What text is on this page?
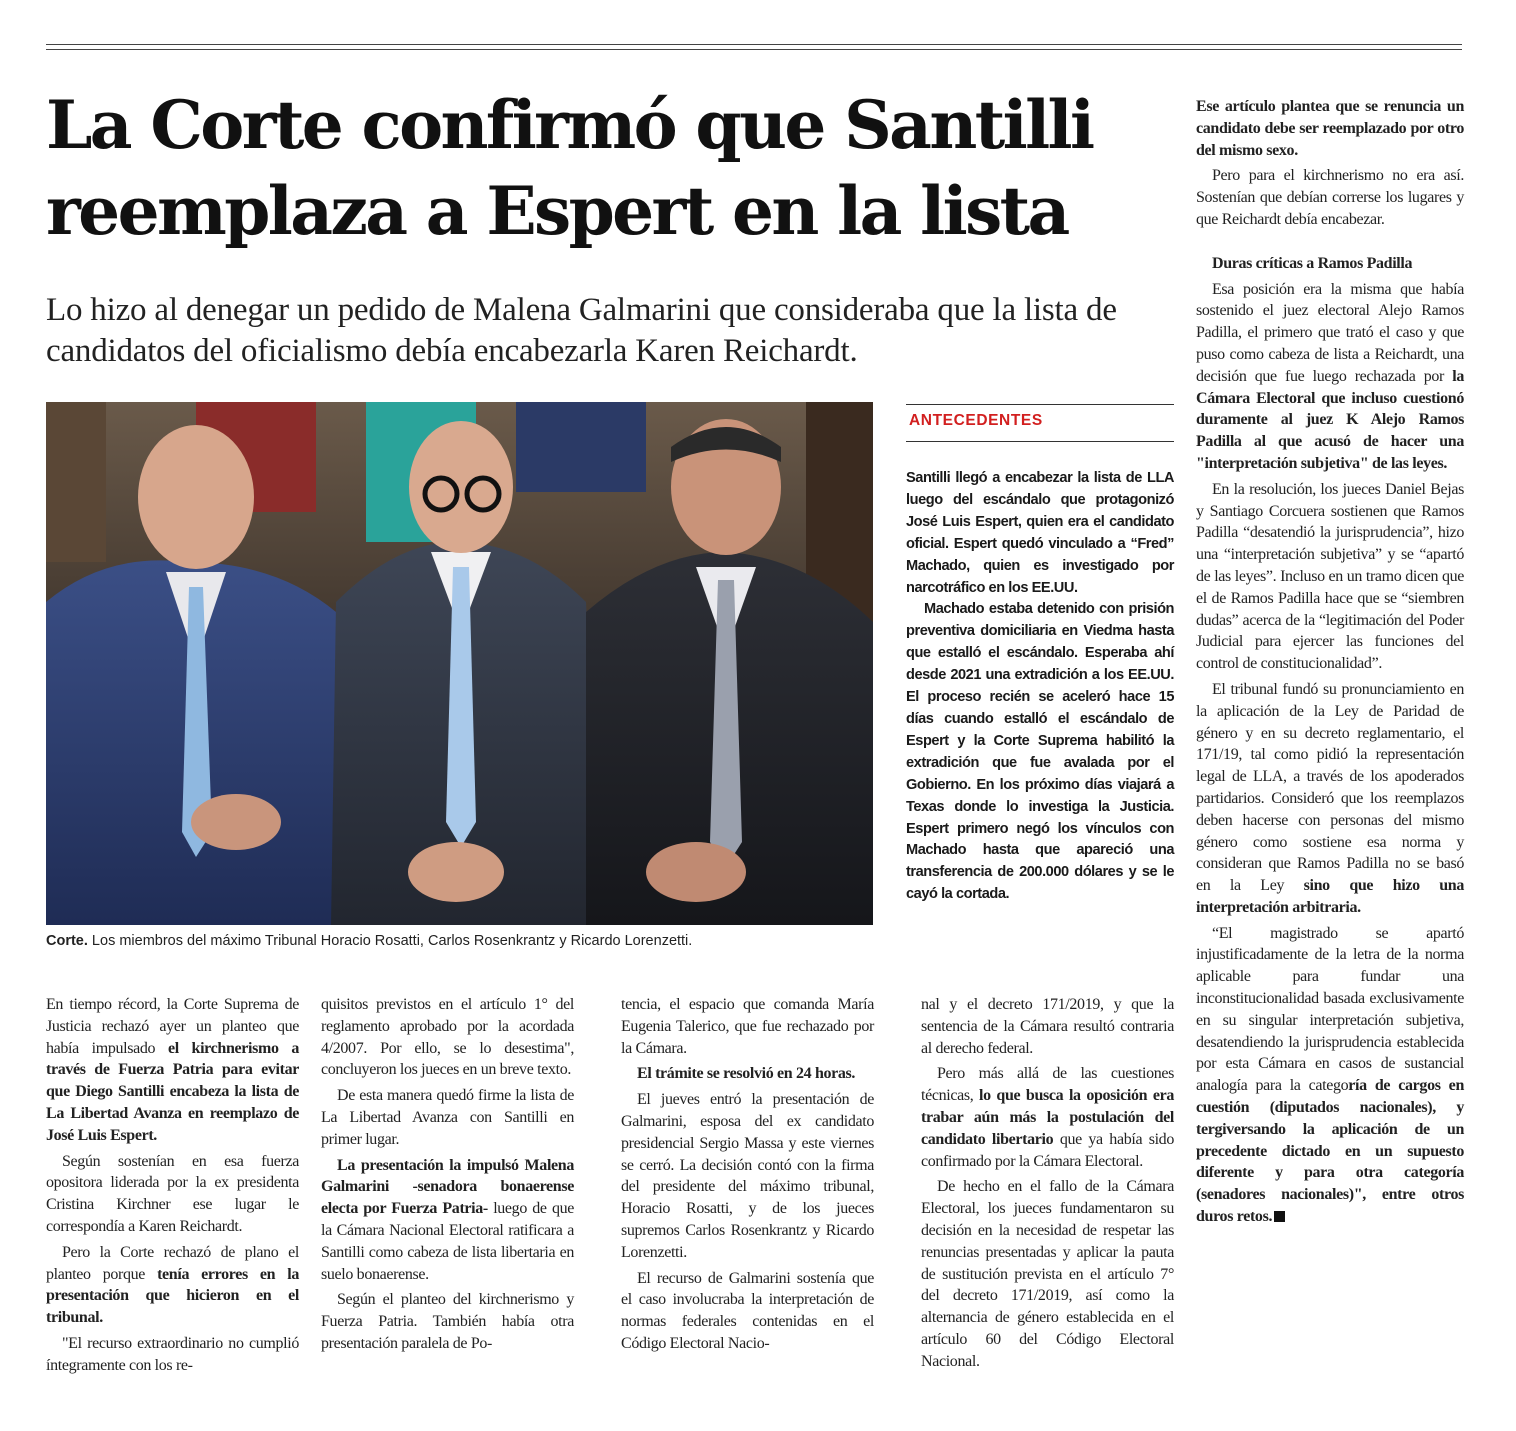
La Corte confirmó que Santilli reemplaza a Espert en la lista

Lo hizo al denegar un pedido de Malena Galmarini que consideraba que la lista de candidatos del oficialismo debía encabezarla Karen Reichardt.

Corte. Los miembros del máximo Tribunal Horacio Rosatti, Carlos Rosenkrantz y Ricardo Lorenzetti.

ANTECEDENTES

Santilli llegó a encabezar la lista de LLA luego del escándalo que protagonizó José Luis Espert, quien era el candidato oficial. Espert quedó vinculado a “Fred” Machado, quien es investigado por narcotráfico en los EE.UU.

Machado estaba detenido con prisión preventiva domiciliaria en Viedma hasta que estalló el escándalo. Esperaba ahí desde 2021 una extradición a los EE.UU. El proceso recién se aceleró hace 15 días cuando estalló el escándalo de Espert y la Corte Suprema habilitó la extradición que fue avalada por el Gobierno. En los próximo días viajará a Texas donde lo investiga la Justicia. Espert primero negó los vínculos con Machado hasta que apareció una transferencia de 200.000 dólares y se le cayó la cortada.

En tiempo récord, la Corte Suprema de Justicia rechazó ayer un planteo que había impulsado el kirchnerismo a través de Fuerza Patria para evitar que Diego Santilli encabeza la lista de La Libertad Avanza en reemplazo de José Luis Espert.

Según sostenían en esa fuerza opositora liderada por la ex presidenta Cristina Kirchner ese lugar le correspondía a Karen Reichardt.

Pero la Corte rechazó de plano el planteo porque tenía errores en la presentación que hicieron en el tribunal.

"El recurso extraordinario no cumplió íntegramente con los re-

quisitos previstos en el artículo 1° del reglamento aprobado por la acordada 4/2007. Por ello, se lo desestima", concluyeron los jueces en un breve texto.

De esta manera quedó firme la lista de La Libertad Avanza con Santilli en primer lugar.

La presentación la impulsó Malena Galmarini -senadora bonaerense electa por Fuerza Patria- luego de que la Cámara Nacional Electoral ratificara a Santilli como cabeza de lista libertaria en suelo bonaerense.

Según el planteo del kirchnerismo y Fuerza Patria. También había otra presentación paralela de Po-

tencia, el espacio que comanda María Eugenia Talerico, que fue rechazado por la Cámara.

El trámite se resolvió en 24 horas.

El jueves entró la presentación de Galmarini, esposa del ex candidato presidencial Sergio Massa y este viernes se cerró. La decisión contó con la firma del presidente del máximo tribunal, Horacio Rosatti, y de los jueces supremos Carlos Rosenkrantz y Ricardo Lorenzetti.

El recurso de Galmarini sostenía que el caso involucraba la interpretación de normas federales contenidas en el Código Electoral Nacio-

nal y el decreto 171/2019, y que la sentencia de la Cámara resultó contraria al derecho federal.

Pero más allá de las cuestiones técnicas, lo que busca la oposición era trabar aún más la postulación del candidato libertario que ya había sido confirmado por la Cámara Electoral.

De hecho en el fallo de la Cámara Electoral, los jueces fundamentaron su decisión en la necesidad de respetar las renuncias presentadas y aplicar la pauta de sustitución prevista en el artículo 7° del decreto 171/2019, así como la alternancia de género establecida en el artículo 60 del Código Electoral Nacional.

Ese artículo plantea que se renuncia un candidato debe ser reemplazado por otro del mismo sexo.

Pero para el kirchnerismo no era así. Sostenían que debían correrse los lugares y que Reichardt debía encabezar.

Duras críticas a Ramos Padilla

Esa posición era la misma que había sostenido el juez electoral Alejo Ramos Padilla, el primero que trató el caso y que puso como cabeza de lista a Reichardt, una decisión que fue luego rechazada por la Cámara Electoral que incluso cuestionó duramente al juez K Alejo Ramos Padilla al que acusó de hacer una "interpretación subjetiva" de las leyes.

En la resolución, los jueces Daniel Bejas y Santiago Corcuera sostienen que Ramos Padilla “desatendió la jurisprudencia”, hizo una “interpretación subjetiva” y se “apartó de las leyes”. Incluso en un tramo dicen que el de Ramos Padilla hace que se “siembren dudas” acerca de la “legitimación del Poder Judicial para ejercer las funciones del control de constitucionalidad”.

El tribunal fundó su pronunciamiento en la aplicación de la Ley de Paridad de género y en su decreto reglamentario, el 171/19, tal como pidió la representación legal de LLA, a través de los apoderados partidarios. Consideró que los reemplazos deben hacerse con personas del mismo género como sostiene esa norma y consideran que Ramos Padilla no se basó en la Ley sino que hizo una interpretación arbitraria.

“El magistrado se apartó injustificadamente de la letra de la norma aplicable para fundar una inconstitucionalidad basada exclusivamente en su singular interpretación subjetiva, desatendiendo la jurisprudencia establecida por esta Cámara en casos de sustancial analogía para la categoría de cargos en cuestión (diputados nacionales), y tergiversando la aplicación de un precedente dictado en un supuesto diferente y para otra categoría (senadores nacionales)", entre otros duros retos.
